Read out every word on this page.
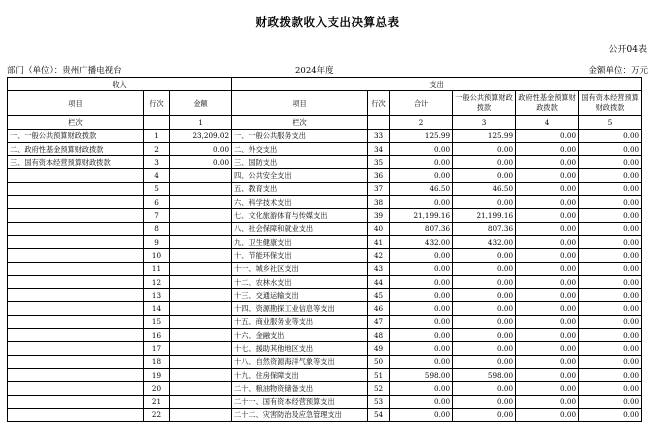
财政拨款收入支出决算总表
公开04表
部门（单位）：贵州广播电视台	2024年度	金额单位：万元
收入			支出					
项目	行次	金额	项目	行次	合计	一般公共预算财政拨款	政府性基金预算财政拨款	国有资本经营预算财政拨款
栏次		1	栏次		2	3	4	5
一、一般公共预算财政拨款	1	23,209.02	一、一般公共服务支出	33	125.99	125.99	0.00	0.00
二、政府性基金预算财政拨款	2	0.00	二、外交支出	34	0.00	0.00	0.00	0.00
三、国有资本经营预算财政拨款	3	0.00	三、国防支出	35	0.00	0.00	0.00	0.00
	4		四、公共安全支出	36	0.00	0.00	0.00	0.00
	5		五、教育支出	37	46.50	46.50	0.00	0.00
	6		六、科学技术支出	38	0.00	0.00	0.00	0.00
	7		七、文化旅游体育与传媒支出	39	21,199.16	21,199.16	0.00	0.00
	8		八、社会保障和就业支出	40	807.36	807.36	0.00	0.00
	9		九、卫生健康支出	41	432.00	432.00	0.00	0.00
	10		十、节能环保支出	42	0.00	0.00	0.00	0.00
	11		十一、城乡社区支出	43	0.00	0.00	0.00	0.00
	12		十二、农林水支出	44	0.00	0.00	0.00	0.00
	13		十三、交通运输支出	45	0.00	0.00	0.00	0.00
	14		十四、资源勘探工业信息等支出	46	0.00	0.00	0.00	0.00
	15		十五、商业服务业等支出	47	0.00	0.00	0.00	0.00
	16		十六、金融支出	48	0.00	0.00	0.00	0.00
	17		十七、援助其他地区支出	49	0.00	0.00	0.00	0.00
	18		十八、自然资源海洋气象等支出	50	0.00	0.00	0.00	0.00
	19		十九、住房保障支出	51	598.00	598.00	0.00	0.00
	20		二十、粮油物资储备支出	52	0.00	0.00	0.00	0.00
	21		二十一、国有资本经营预算支出	53	0.00	0.00	0.00	0.00
	22		二十二、灾害防治及应急管理支出	54	0.00	0.00	0.00	0.00
